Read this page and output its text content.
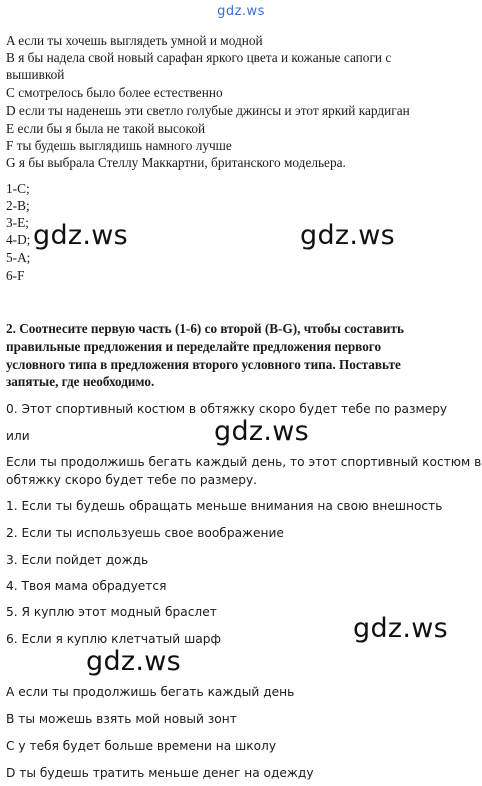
gdz.ws
A если ты хочешь выглядеть умной и модной
B я бы надела свой новый сарафан яркого цвета и кожаные сапоги с
вышивкой
C смотрелось было более естественно
D если ты наденешь эти светло голубые джинсы и этот яркий кардиган
E если бы я была не такой высокой
F ты будешь выглядишь намного лучше
G я бы выбрала Стеллу Маккартни, британского модельера.
1-C;
2-B;
3-E;
4-D;
5-A;
6-F
gdz.ws	gdz.ws
2. Соотнесите первую часть (1-6) со второй (В-G), чтобы составить
правильные предложения и переделайте предложения первого
условного типа в предложения второго условного типа. Поставьте
запятые, где необходимо.
0. Этот спортивный костюм в обтяжку скоро будет тебе по размеру
или	gdz.ws
Если ты продолжишь бегать каждый день, то этот спортивный костюм в
обтяжку скоро будет тебе по размеру.
1. Если ты будешь обращать меньше внимания на свою внешность
2. Если ты используешь свое воображение
3. Если пойдет дождь
4. Твоя мама обрадуется
5. Я куплю этот модный браслет
6. Если я куплю клетчатый шарф	gdz.ws
gdz.ws
A если ты продолжишь бегать каждый день
B ты можешь взять мой новый зонт
C у тебя будет больше времени на школу
D ты будешь тратить меньше денег на одежду
